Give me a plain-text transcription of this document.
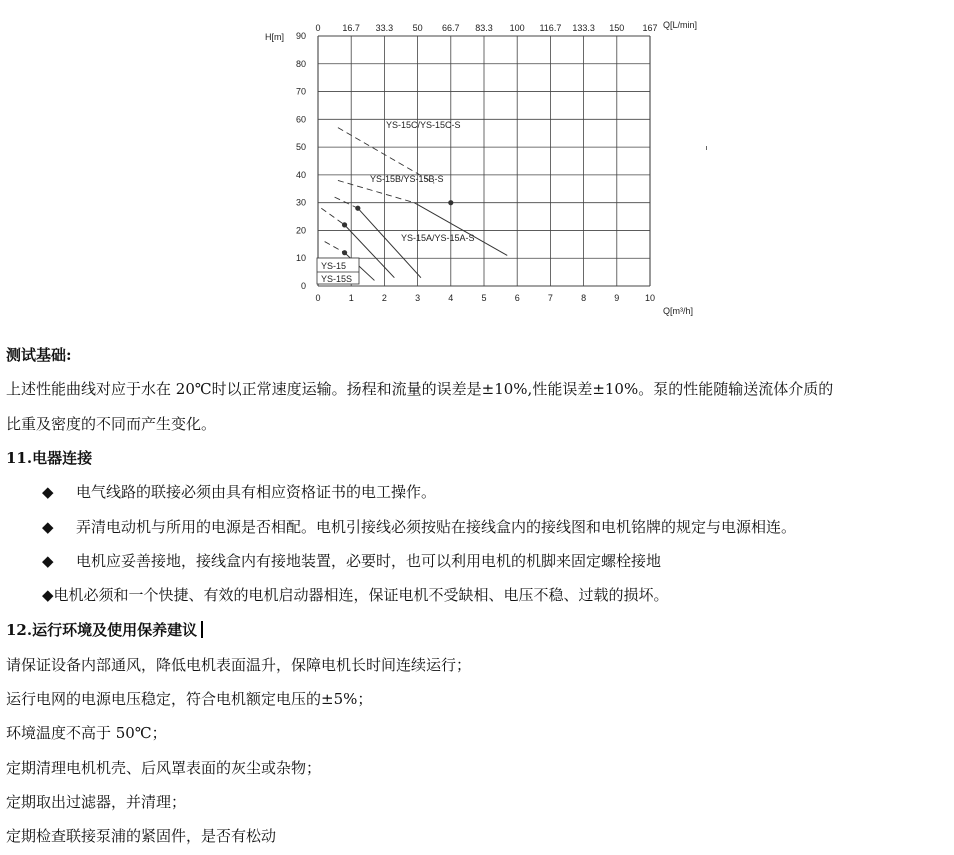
0	1	2	3	4	5	6	7	8	9	10
0 16.7 33.3 50 66.7 83.3 100 116.7 133.3 150 167
0
10
20
30
40
50
60
70
80
90
H[m]
Q[L/min]
Q[m³/h]
YS-15C/YS-15C-S
YS-15B/YS-15B-S
YS-15A/YS-15A-S
YS-15
YS-15S
测试基础:
上述性能曲线对应于水在 20℃时以正常速度运输。扬程和流量的误差是±10%,性能误差±10%。泵的性能随输送流体介质的
比重及密度的不同而产生变化。
11.电器连接
◆ 电气线路的联接必须由具有相应资格证书的电工操作。
◆ 弄清电动机与所用的电源是否相配。电机引接线必须按贴在接线盒内的接线图和电机铭牌的规定与电源相连。
◆ 电机应妥善接地，接线盒内有接地装置，必要时，也可以利用电机的机脚来固定螺栓接地
◆电机必须和一个快捷、有效的电机启动器相连，保证电机不受缺相、电压不稳、过载的损坏。
12.运行环境及使用保养建议
请保证设备内部通风，降低电机表面温升，保障电机长时间连续运行；
运行电网的电源电压稳定，符合电机额定电压的±5%；
环境温度不高于 50℃；
定期清理电机机壳、后风罩表面的灰尘或杂物；
定期取出过滤器，并清理；
定期检查联接泵浦的紧固件，是否有松动
